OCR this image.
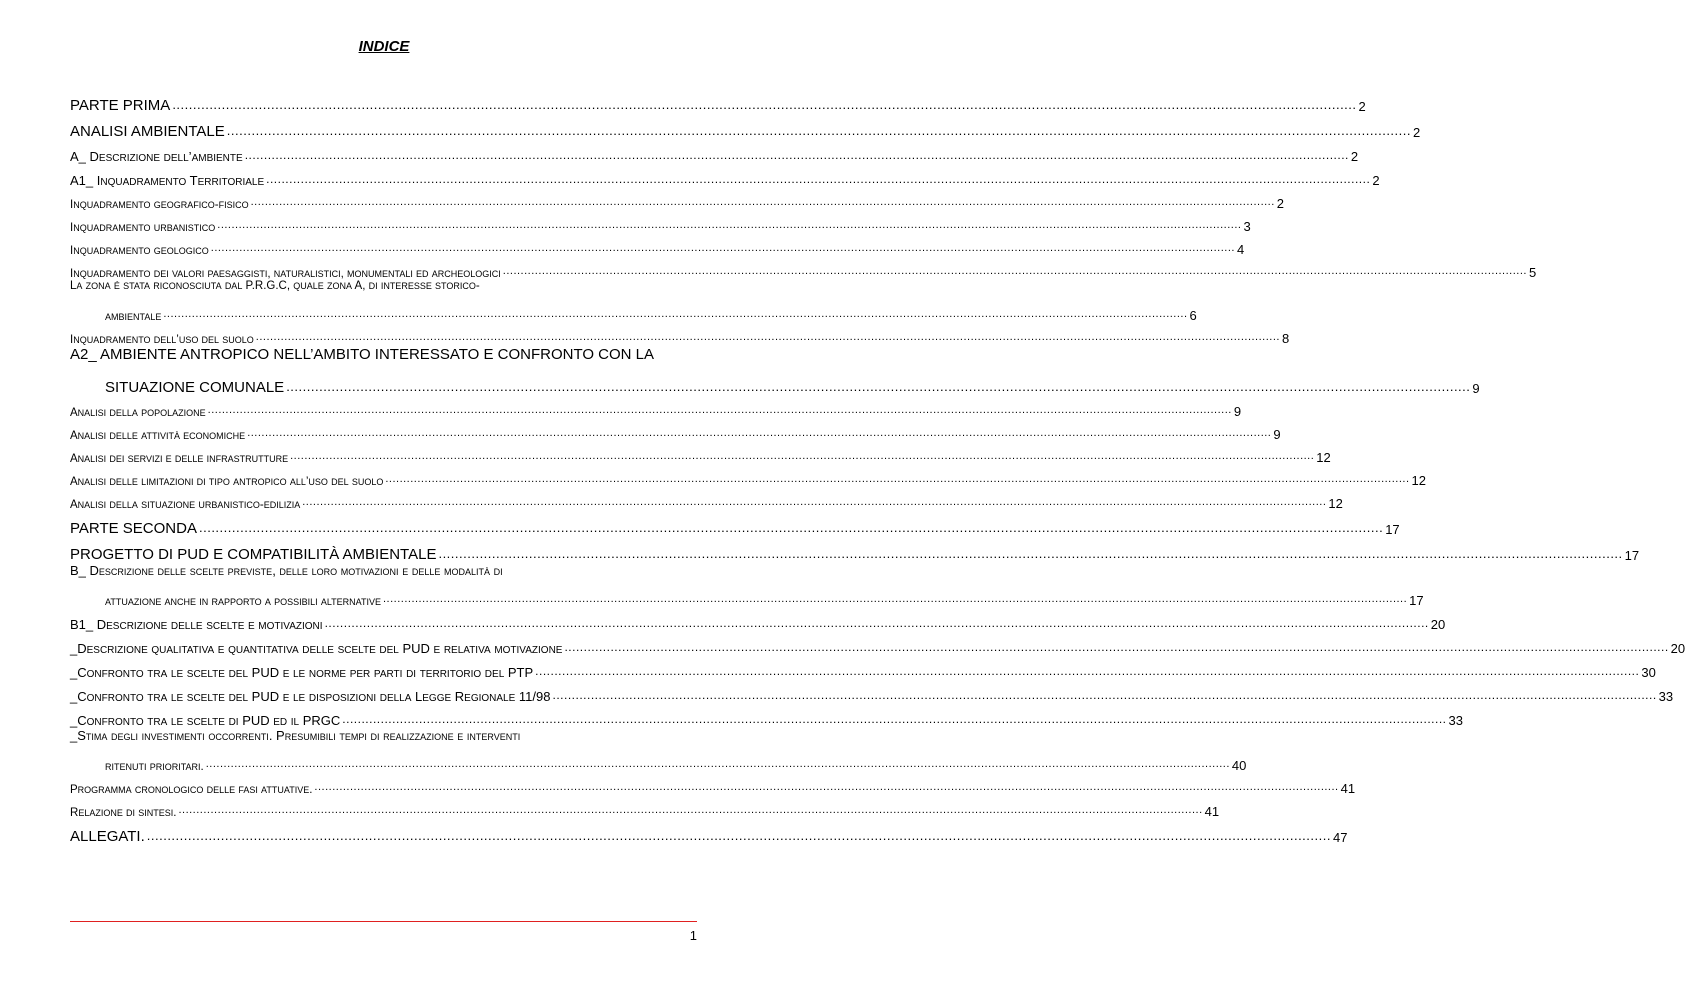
INDICE
PARTE PRIMA .....	2
ANALISI AMBIENTALE .....	2
A_ DESCRIZIONE DELL’AMBIENTE .....	2
A1_ INQUADRAMENTO TERRITORIALE .....	2
INQUADRAMENTO GEOGRAFICO-FISICO .....	2
INQUADRAMENTO URBANISTICO .....	3
INQUADRAMENTO GEOLOGICO .....	4
INQUADRAMENTO DEI VALORI PAESAGGISTI, NATURALISTICI, MONUMENTALI ED ARCHEOLOGICI .....	5
LA ZONA É STATA RICONOSCIUTA DAL P.R.G.C, QUALE ZONA A, DI INTERESSE STORICO-
AMBIENTALE .....	6
INQUADRAMENTO DELL’USO DEL SUOLO .....	8
A2_ AMBIENTE ANTROPICO NELL’AMBITO INTERESSATO E CONFRONTO CON LA
SITUAZIONE COMUNALE .....	9
ANALISI DELLA POPOLAZIONE .....	9
ANALISI DELLE ATTIVITÀ ECONOMICHE .....	9
ANALISI DEI SERVIZI E DELLE INFRASTRUTTURE .....	12
ANALISI DELLE LIMITAZIONI DI TIPO ANTROPICO ALL’USO DEL SUOLO .....	12
ANALISI DELLA SITUAZIONE URBANISTICO-EDILIZIA .....	12
PARTE SECONDA .....	17
PROGETTO DI PUD E COMPATIBILITÀ AMBIENTALE .....	17
B_ DESCRIZIONE DELLE SCELTE PREVISTE, DELLE LORO MOTIVAZIONI E DELLE MODALITÀ DI
ATTUAZIONE ANCHE IN RAPPORTO A POSSIBILI ALTERNATIVE .....	17
B1_ DESCRIZIONE DELLE SCELTE E MOTIVAZIONI .....	20
_DESCRIZIONE QUALITATIVA E QUANTITATIVA DELLE SCELTE DEL PUD E RELATIVA MOTIVAZIONE .....	20
_CONFRONTO TRA LE SCELTE DEL PUD E LE NORME PER PARTI DI TERRITORIO DEL PTP .....	30
_CONFRONTO TRA LE SCELTE DEL PUD E LE DISPOSIZIONI DELLA LEGGE REGIONALE 11/98 .....	33
_CONFRONTO TRA LE SCELTE DI PUD ED IL PRGC .....	33
_STIMA DEGLI INVESTIMENTI OCCORRENTI. PRESUMIBILI TEMPI DI REALIZZAZIONE E INTERVENTI
RITENUTI PRIORITARI. .....	40
PROGRAMMA CRONOLOGICO DELLE FASI ATTUATIVE. .....	41
RELAZIONE DI SINTESI. .....	41
ALLEGATI. .....	47
1
